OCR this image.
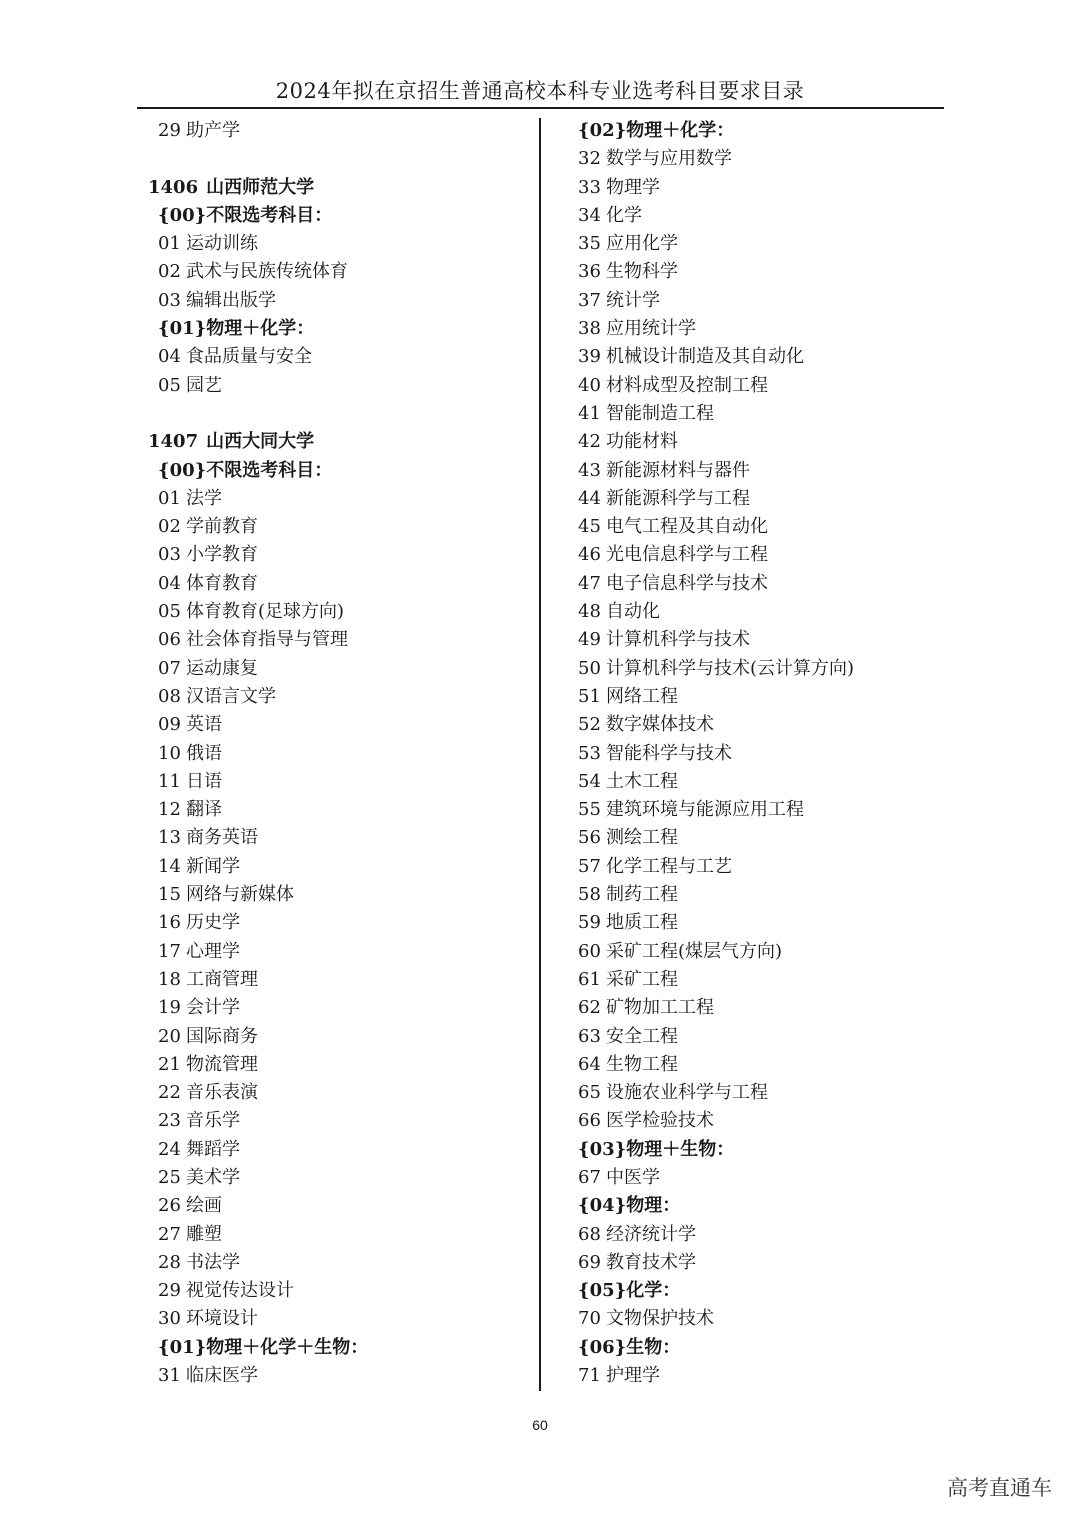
2024年拟在京招生普通高校本科专业选考科目要求目录
29 助产学
1406 山西师范大学
{00}不限选考科目：
01 运动训练
02 武术与民族传统体育
03 编辑出版学
{01}物理＋化学：
04 食品质量与安全
05 园艺
1407 山西大同大学
{00}不限选考科目：
01 法学
02 学前教育
03 小学教育
04 体育教育
05 体育教育(足球方向)
06 社会体育指导与管理
07 运动康复
08 汉语言文学
09 英语
10 俄语
11 日语
12 翻译
13 商务英语
14 新闻学
15 网络与新媒体
16 历史学
17 心理学
18 工商管理
19 会计学
20 国际商务
21 物流管理
22 音乐表演
23 音乐学
24 舞蹈学
25 美术学
26 绘画
27 雕塑
28 书法学
29 视觉传达设计
30 环境设计
{01}物理＋化学＋生物：
31 临床医学
{02}物理＋化学：
32 数学与应用数学
33 物理学
34 化学
35 应用化学
36 生物科学
37 统计学
38 应用统计学
39 机械设计制造及其自动化
40 材料成型及控制工程
41 智能制造工程
42 功能材料
43 新能源材料与器件
44 新能源科学与工程
45 电气工程及其自动化
46 光电信息科学与工程
47 电子信息科学与技术
48 自动化
49 计算机科学与技术
50 计算机科学与技术(云计算方向)
51 网络工程
52 数字媒体技术
53 智能科学与技术
54 土木工程
55 建筑环境与能源应用工程
56 测绘工程
57 化学工程与工艺
58 制药工程
59 地质工程
60 采矿工程(煤层气方向)
61 采矿工程
62 矿物加工工程
63 安全工程
64 生物工程
65 设施农业科学与工程
66 医学检验技术
{03}物理＋生物：
67 中医学
{04}物理：
68 经济统计学
69 教育技术学
{05}化学：
70 文物保护技术
{06}生物：
71 护理学
60
高考直通车
